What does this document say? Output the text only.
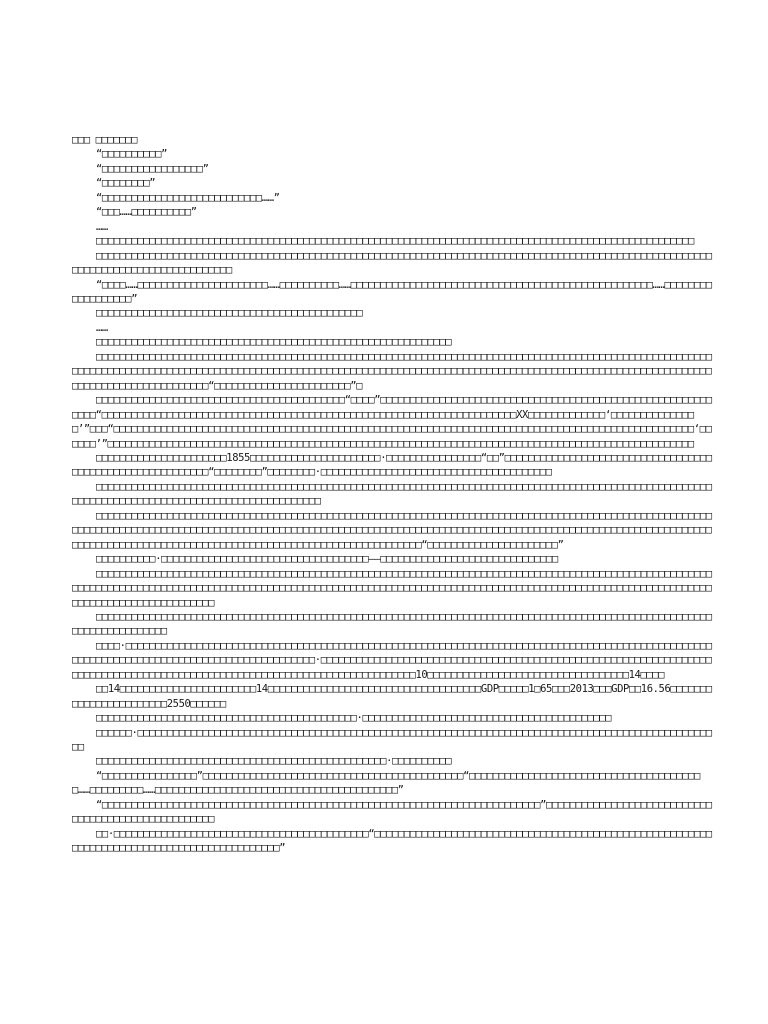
□□□ □□□□□□□

“□□□□□□□□□□”

“□□□□□□□□□□□□□□□□□”

“□□□□□□□□”

“□□□□□□□□□□□□□□□□□□□□□□□□□□□……”

“□□□……□□□□□□□□□□”

……

□□□□□□□□□□□□□□□□□□□□□□□□□□□□□□□□□□□□□□□□□□□□□□□□□□□□□□□□□□□□□□□□□□□□□□□□□□□□□□□□□□□□□□□□□□□□□□□□□□□□□

□□□□□□□□□□□□□□□□□□□□□□□□□□□□□□□□□□□□□□□□□□□□□□□□□□□□□□□□□□□□□□□□□□□□□□□□□□□□□□□□□□□□□□□□□□□□□□□□□□□□□□□□□□□□□□□□□□□□□□□□□□□□□□□□□□□

“□□□□……□□□□□□□□□□□□□□□□□□□□□□……□□□□□□□□□□……□□□□□□□□□□□□□□□□□□□□□□□□□□□□□□□□□□□□□□□□□□□□□□□□□□□……□□□□□□□□□□□□□□□□□□”

□□□□□□□□□□□□□□□□□□□□□□□□□□□□□□□□□□□□□□□□□□□□□

……

□□□□□□□□□□□□□□□□□□□□□□□□□□□□□□□□□□□□□□□□□□□□□□□□□□□□□□□□□□□□

□□□□□□□□□□□□□□□□□□□□□□□□□□□□□□□□□□□□□□□□□□□□□□□□□□□□□□□□□□□□□□□□□□□□□□□□□□□□□□□□□□□□□□□□□□□□□□□□□□□□□□□□□□□□□□□□□□□□□□□□□□□□□□□□□□□□□□□□□□□□□□□□□□□□□□□□□□□□□□□□□□□□□□□□□□□□□□□□□□□□□□□□□□□□□□□□□□□□□□□□□□□□□□□□□□□□□□□□□□□□□□□□□□□□□□□□□□□“□□□□□□□□□□□□□□□□□□□□□□□”□

□□□□□□□□□□□□□□□□□□□□□□□□□□□□□□□□□□□□□□□□□□“□□□□”□□□□□□□□□□□□□□□□□□□□□□□□□□□□□□□□□□□□□□□□□□□□□□□□□□□□□□□□□□□□“□□□□□□□□□□□□□□□□□□□□□□□□□□□□□□□□□□□□□□□□□□□□□□□□□□□□□□□□□□□□□□□□□□□□□□XX□□□□□□□□□□□□□‘□□□□□□□□□□□□□□□’”□□□“□□□□□□□□□□□□□□□□□□□□□□□□□□□□□□□□□□□□□□□□□□□□□□□□□□□□□□□□□□□□□□□□□□□□□□□□□□□□□□□□□□□□□□□□□□□□□□□□□□‘□□□□□□’”□□□□□□□□□□□□□□□□□□□□□□□□□□□□□□□□□□□□□□□□□□□□□□□□□□□□□□□□□□□□□□□□□□□□□□□□□□□□□□□□□□□□□□□□□□□□□□□□□□□

□□□□□□□□□□□□□□□□□□□□□□1855□□□□□□□□□□□□□□□□□□□□□□·□□□□□□□□□□□□□□□□“□□”□□□□□□□□□□□□□□□□□□□□□□□□□□□□□□□□□□□□□□□□□□□□□□□□□□□□□□□□□□“□□□□□□□□”□□□□□□□□·□□□□□□□□□□□□□□□□□□□□□□□□□□□□□□□□□□□□□□□

□□□□□□□□□□□□□□□□□□□□□□□□□□□□□□□□□□□□□□□□□□□□□□□□□□□□□□□□□□□□□□□□□□□□□□□□□□□□□□□□□□□□□□□□□□□□□□□□□□□□□□□□□□□□□□□□□□□□□□□□□□□□□□□□□□□□□□□□□□□□□□□□□□

□□□□□□□□□□□□□□□□□□□□□□□□□□□□□□□□□□□□□□□□□□□□□□□□□□□□□□□□□□□□□□□□□□□□□□□□□□□□□□□□□□□□□□□□□□□□□□□□□□□□□□□□□□□□□□□□□□□□□□□□□□□□□□□□□□□□□□□□□□□□□□□□□□□□□□□□□□□□□□□□□□□□□□□□□□□□□□□□□□□□□□□□□□□□□□□□□□□□□□□□□□□□□□□□□□□□□□□□□□□□□□□□□□□□□□□□□□□□□□□□□□□□□□□□□□□□□□□□□□□□□□□□□□□□□□□“□□□□□□□□□□□□□□□□□□□□□□”

□□□□□□□□□□·□□□□□□□□□□□□□□□□□□□□□□□□□□□□□□□□□□□——□□□□□□□□□□□□□□□□□□□□□□□□□□□□□□

□□□□□□□□□□□□□□□□□□□□□□□□□□□□□□□□□□□□□□□□□□□□□□□□□□□□□□□□□□□□□□□□□□□□□□□□□□□□□□□□□□□□□□□□□□□□□□□□□□□□□□□□□□□□□□□□□□□□□□□□□□□□□□□□□□□□□□□□□□□□□□□□□□□□□□□□□□□□□□□□□□□□□□□□□□□□□□□□□□□□□□□□□□□□□□□□□□□□□□□□□□□□□□□□□□□□□□□□□□□□□□□□□□□□□□□□□□□□

□□□□□□□□□□□□□□□□□□□□□□□□□□□□□□□□□□□□□□□□□□□□□□□□□□□□□□□□□□□□□□□□□□□□□□□□□□□□□□□□□□□□□□□□□□□□□□□□□□□□□□□□□□□□□□□□□□□□□□□□

□□□□·□□□□□□□□□□□□□□□□□□□□□□□□□□□□□□□□□□□□□□□□□□□□□□□□□□□□□□□□□□□□□□□□□□□□□□□□□□□□□□□□□□□□□□□□□□□□□□□□□□□□□□□□□□□□□□□□□□□□□□□□□□□□□□□□□□□□□□□□□□□□·□□□□□□□□□□□□□□□□□□□□□□□□□□□□□□□□□□□□□□□□□□□□□□□□□□□□□□□□□□□□□□□□□□□□□□□□□□□□□□□□□□□□□□□□□□□□□□□□□□□□□□□□□□□□□□□□□□□□□□□□□□□□10□□□□□□□□□□□□□□□□□□□□□□□□□□□□□□□□□□14□□□□

□□14□□□□□□□□□□□□□□□□□□□□□□□14□□□□□□□□□□□□□□□□□□□□□□□□□□□□□□□□□□□□GDP□□□□□1□65□□□2013□□□GDP□□16.56□□□□□□□□□□□□□□□□□□□□□□□2550□□□□□□

□□□□□□□□□□□□□□□□□□□□□□□□□□□□□□□□□□□□□□□□□□□□·□□□□□□□□□□□□□□□□□□□□□□□□□□□□□□□□□□□□□□□□□□

□□□□□□·□□□□□□□□□□□□□□□□□□□□□□□□□□□□□□□□□□□□□□□□□□□□□□□□□□□□□□□□□□□□□□□□□□□□□□□□□□□□□□□□□□□□□□□□□□□□□□□□□□□

□□□□□□□□□□□□□□□□□□□□□□□□□□□□□□□□□□□□□□□□□□□□□□□□□·□□□□□□□□□□

“□□□□□□□□□□□□□□□□”□□□□□□□□□□□□□□□□□□□□□□□□□□□□□□□□□□□□□□□□□□□□“□□□□□□□□□□□□□□□□□□□□□□□□□□□□□□□□□□□□□□□□……□□□□□□□□□……□□□□□□□□□□□□□□□□□□□□□□□□□□□□□□□□□□□□□□□□□”

“□□□□□□□□□□□□□□□□□□□□□□□□□□□□□□□□□□□□□□□□□□□□□□□□□□□□□□□□□□□□□□□□□□□□□□□□□□”□□□□□□□□□□□□□□□□□□□□□□□□□□□□□□□□□□□□□□□□□□□□□□□□□□□□

□□·□□□□□□□□□□□□□□□□□□□□□□□□□□□□□□□□□□□□□□□□□□□“□□□□□□□□□□□□□□□□□□□□□□□□□□□□□□□□□□□□□□□□□□□□□□□□□□□□□□□□□□□□□□□□□□□□□□□□□□□□□□□□□□□□□□□□□□□□”
